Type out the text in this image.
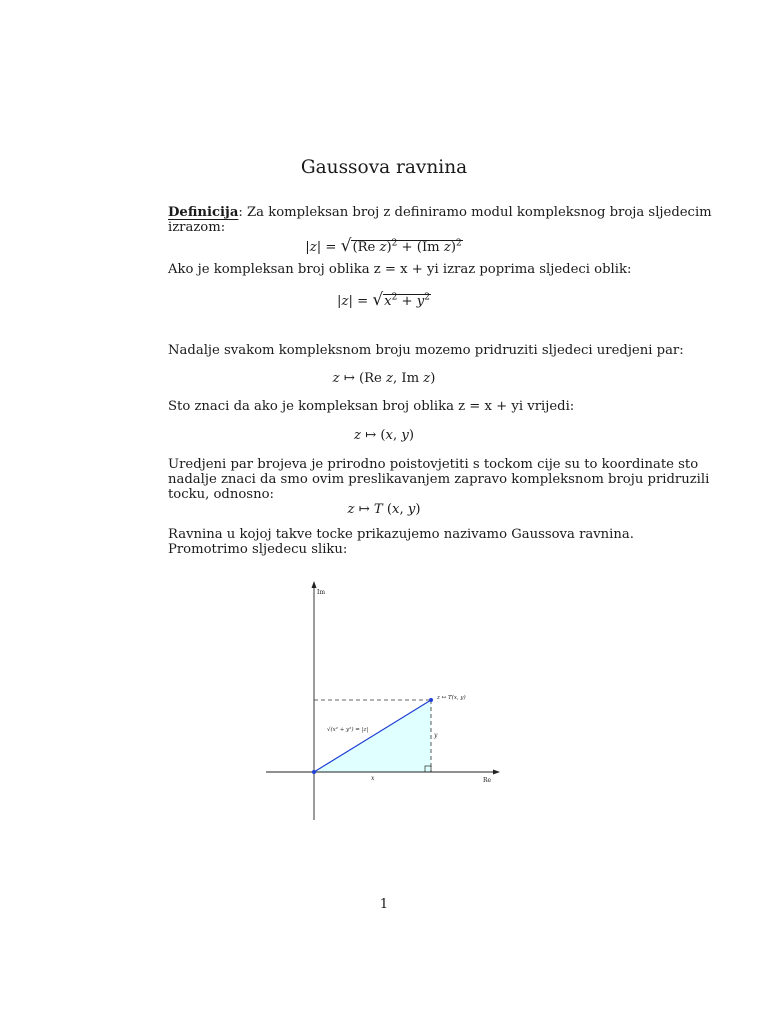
Gaussova ravnina
Definicija: Za kompleksan broj z definiramo modul kompleksnog broja sljedecim
izrazom:
|z| = √(Re z)$^2$ + (Im z)$^2$
Ako je kompleksan broj oblika z = x + yi izraz poprima sljedeci oblik:
$|z| = √x^2 + y^2$
Nadalje svakom kompleksnom broju mozemo pridruziti sljedeci uredjeni par:
z ↦ (Re z, Im z)
Sto znaci da ako je kompleksan broj oblika z = x + yi vrijedi:
z ↦ (x, y)
Uredjeni par brojeva je prirodno poistovjetiti s tockom cije su to koordinate sto
nadalje znaci da smo ovim preslikavanjem zapravo kompleksnom broju pridruzili
tocku, odnosno:
z ↦ T (x, y)
Ravnina u kojoj takve tocke prikazujemo nazivamo Gaussova ravnina.
Promotrimo sljedecu sliku:
Im
Re
z ↦ T(x, y)
√(x² + y²) = |z|
x
y
1
